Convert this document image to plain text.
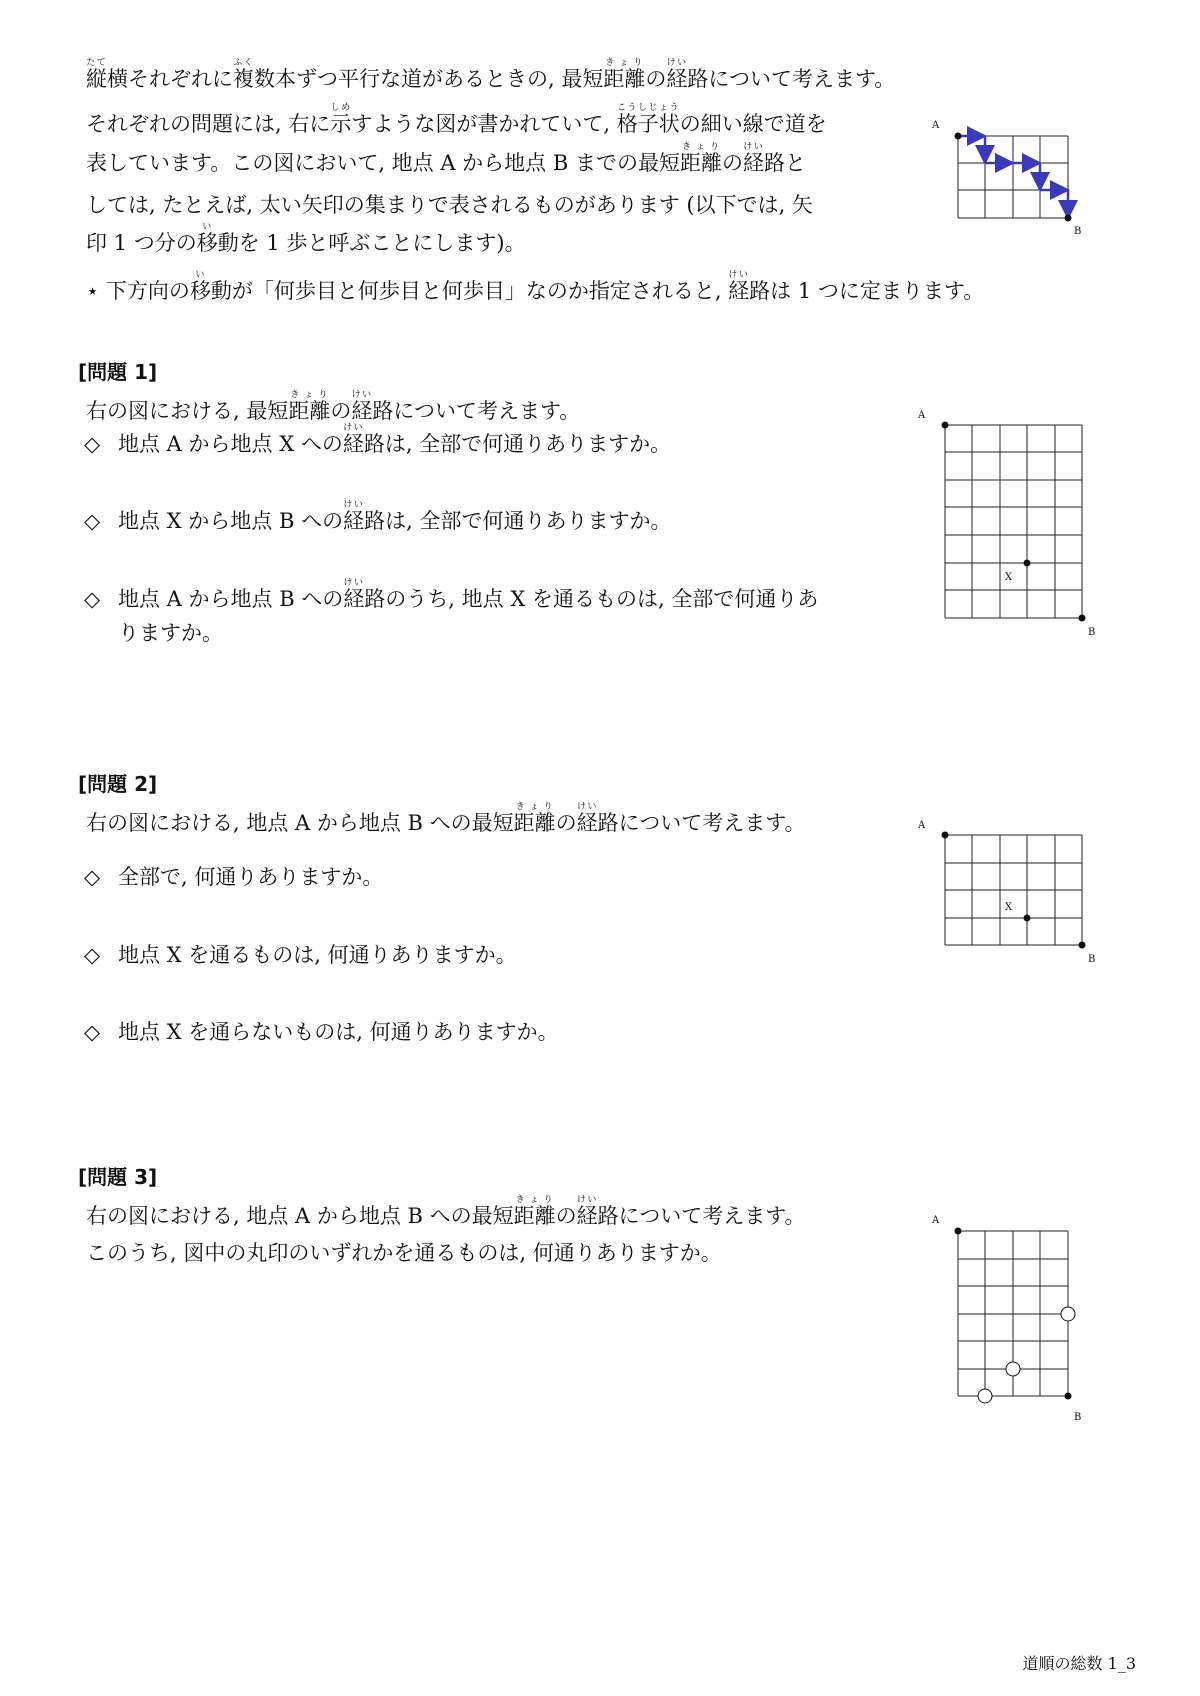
縦たて横それぞれに複ふく数本ずつ平行な道があるときの, 最短距離きょりの経けい路について考えます。
それぞれの問題には, 右に示しめすような図が書かれていて, 格子状こうしじょうの細い線で道を
表しています。この図において, 地点 A から地点 B までの最短距離きょりの経けい路と
しては, たとえば, 太い矢印の集まりで表されるものがあります (以下では, 矢
印 1 つ分の移い動を 1 歩と呼ぶことにします)。
⋆ 下方向の移い動が「何歩目と何歩目と何歩目」なのか指定されると, 経けい路は 1 つに定まります。
A
B
[問題 1]
右の図における, 最短距離きょりの経けい路について考えます。
◇ 地点 A から地点 X への経けい路は, 全部で何通りありますか。
◇ 地点 X から地点 B への経けい路は, 全部で何通りありますか。
◇ 地点 A から地点 B への経けい路のうち, 地点 X を通るものは, 全部で何通りあ
りますか。
A
B
X
[問題 2]
右の図における, 地点 A から地点 B への最短距離きょりの経けい路について考えます。
◇ 全部で, 何通りありますか。
◇ 地点 X を通るものは, 何通りありますか。
◇ 地点 X を通らないものは, 何通りありますか。
A
B
X
[問題 3]
右の図における, 地点 A から地点 B への最短距離きょりの経けい路について考えます。
このうち, 図中の丸印のいずれかを通るものは, 何通りありますか。
A
B
道順の総数 1_3
